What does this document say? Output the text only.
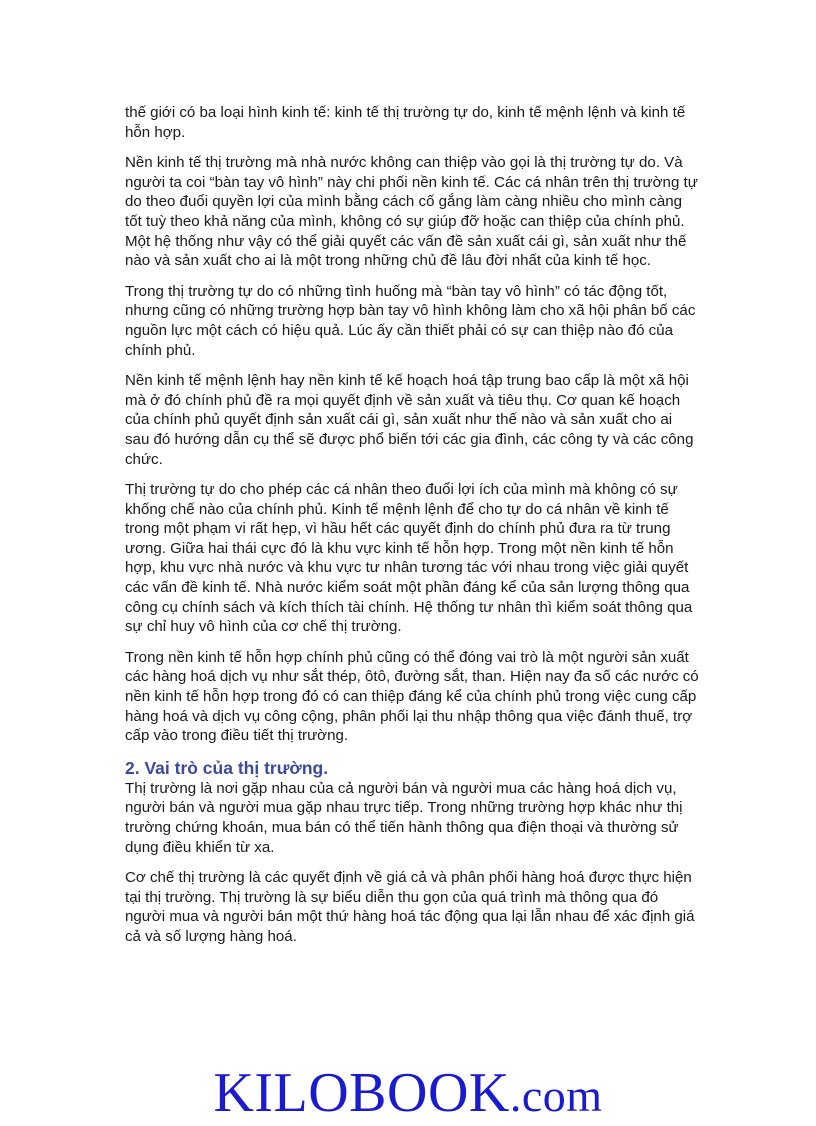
thế giới có ba loại hình kinh tế: kinh tế thị trường tự do, kinh tế mệnh lệnh và kinh tế hỗn hợp.

Nền kinh tế thị trường mà nhà nước không can thiệp vào gọi là thị trường tự do. Và người ta coi “bàn tay vô hình” này chi phối nền kinh tế. Các cá nhân trên thị trường tự do theo đuổi quyền lợi của mình bằng cách cố gắng làm càng nhiều cho mình càng tốt tuỳ theo khả năng của mình, không có sự giúp đỡ hoặc can thiệp của chính phủ. Một hệ thống như vậy có thể giải quyết các vấn đề sản xuất cái gì, sản xuất như thế nào và sản xuất cho ai là một trong những chủ đề lâu đời nhất của kinh tế học.

Trong thị trường tự do có những tình huống mà “bàn tay vô hình” có tác động tốt, nhưng cũng có những trường hợp bàn tay vô hình không làm cho xã hội phân bố các nguồn lực một cách có hiệu quả. Lúc ấy cần thiết phải có sự can thiệp nào đó của chính phủ.

Nền kinh tế mệnh lệnh hay nền kinh tế kế hoạch hoá tập trung bao cấp là một xã hội mà ở đó chính phủ đề ra mọi quyết định về sản xuất và tiêu thụ. Cơ quan kế hoạch của chính phủ quyết định sản xuất cái gì, sản xuất như thế nào và sản xuất cho ai sau đó hướng dẫn cụ thể sẽ được phổ biến tới các gia đình, các công ty và các công chức.

Thị trường tự do cho phép các cá nhân theo đuổi lợi ích của mình mà không có sự khống chế nào của chính phủ. Kinh tế mệnh lệnh để cho tự do cá nhân về kinh tế trong một phạm vi rất hẹp, vì hầu hết các quyết định do chính phủ đưa ra từ trung ương. Giữa hai thái cực đó là khu vực kinh tế hỗn hợp. Trong một nền kinh tế hỗn hợp, khu vực nhà nước và khu vực tư nhân tương tác với nhau trong việc giải quyết các vấn đề kinh tế. Nhà nước kiểm soát một phần đáng kể của sản lượng thông qua công cụ chính sách và kích thích tài chính. Hệ thống tư nhân thì kiểm soát thông qua sự chỉ huy vô hình của cơ chế thị trường.

Trong nền kinh tế hỗn hợp chính phủ cũng có thể đóng vai trò là một người sản xuất các hàng hoá dịch vụ như sắt thép, ôtô, đường sắt, than. Hiện nay đa số các nước có nền kinh tế hỗn hợp trong đó có can thiệp đáng kể của chính phủ trong việc cung cấp hàng hoá và dịch vụ công cộng, phân phối lại thu nhập thông qua việc đánh thuế, trợ cấp vào trong điều tiết thị trường.

2. Vai trò của thị trường.

Thị trường là nơi gặp nhau của cả người bán và người mua các hàng hoá dịch vụ, người bán và người mua gặp nhau trực tiếp. Trong những trường hợp khác như thị trường chứng khoán, mua bán có thể tiến hành thông qua điện thoại và thường sử dụng điều khiển từ xa.

Cơ chế thị trường là các quyết định về giá cả và phân phối hàng hoá được thực hiện tại thị trường. Thị trường là sự biểu diễn thu gọn của quá trình mà thông qua đó người mua và người bán một thứ hàng hoá tác động qua lại lẫn nhau để xác định giá cả và số lượng hàng hoá.

KILOBOOK.com
